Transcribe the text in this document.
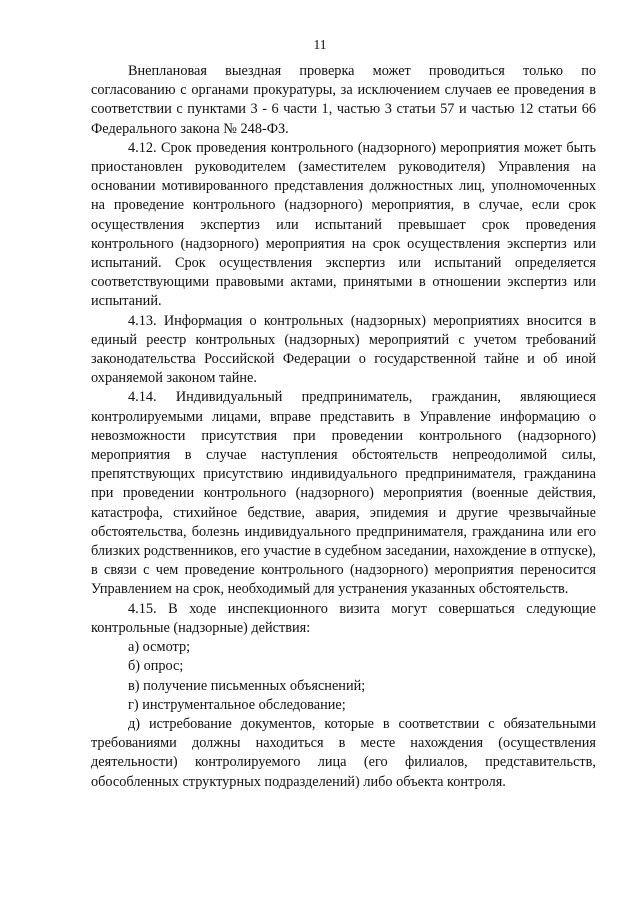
11

Внеплановая выездная проверка может проводиться только по согласованию с органами прокуратуры, за исключением случаев ее проведения в соответствии с пунктами 3 - 6 части 1, частью 3 статьи 57 и частью 12 статьи 66 Федерального закона № 248-ФЗ.

4.12. Срок проведения контрольного (надзорного) мероприятия может быть приостановлен руководителем (заместителем руководителя) Управления на основании мотивированного представления должностных лиц, уполномоченных на проведение контрольного (надзорного) мероприятия, в случае, если срок осуществления экспертиз или испытаний превышает срок проведения контрольного (надзорного) мероприятия на срок осуществления экспертиз или испытаний. Срок осуществления экспертиз или испытаний определяется соответствующими правовыми актами, принятыми в отношении экспертиз или испытаний.

4.13. Информация о контрольных (надзорных) мероприятиях вносится в единый реестр контрольных (надзорных) мероприятий с учетом требований законодательства Российской Федерации о государственной тайне и об иной охраняемой законом тайне.

4.14. Индивидуальный предприниматель, гражданин, являющиеся контролируемыми лицами, вправе представить в Управление информацию о невозможности присутствия при проведении контрольного (надзорного) мероприятия в случае наступления обстоятельств непреодолимой силы, препятствующих присутствию индивидуального предпринимателя, гражданина при проведении контрольного (надзорного) мероприятия (военные действия, катастрофа, стихийное бедствие, авария, эпидемия и другие чрезвычайные обстоятельства, болезнь индивидуального предпринимателя, гражданина или его близких родственников, его участие в судебном заседании, нахождение в отпуске), в связи с чем проведение контрольного (надзорного) мероприятия переносится Управлением на срок, необходимый для устранения указанных обстоятельств.

4.15. В ходе инспекционного визита могут совершаться следующие контрольные (надзорные) действия:

а) осмотр;

б) опрос;

в) получение письменных объяснений;

г) инструментальное обследование;

д) истребование документов, которые в соответствии с обязательными требованиями должны находиться в месте нахождения (осуществления деятельности) контролируемого лица (его филиалов, представительств, обособленных структурных подразделений) либо объекта контроля.
